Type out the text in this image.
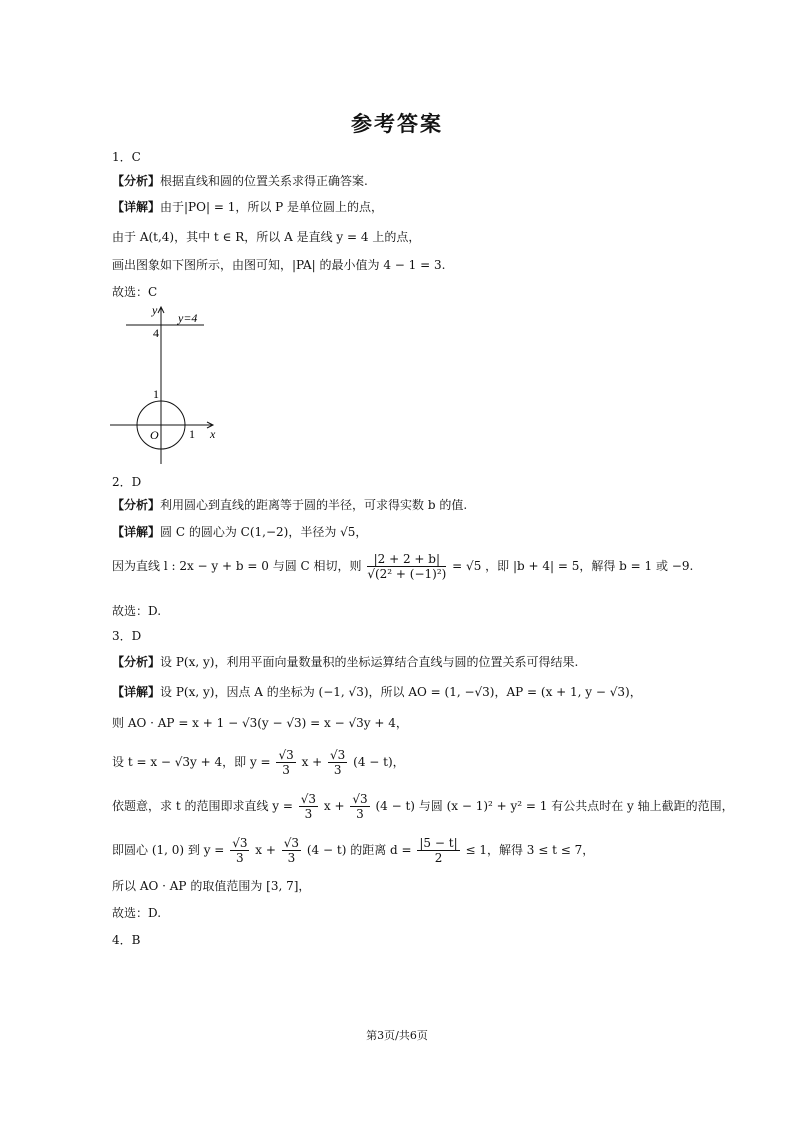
参考答案
1．C
【分析】根据直线和圆的位置关系求得正确答案.
【详解】由于|PO| = 1，所以 P 是单位圆上的点，
由于 A(t,4)，其中 t ∈ R，所以 A 是直线 y = 4 上的点，
画出图象如下图所示，由图可知，|PA| 的最小值为 4 − 1 = 3.
故选：C
y
y=4
4
1
O	1 x
2．D
【分析】利用圆心到直线的距离等于圆的半径，可求得实数 b 的值.
【详解】圆 C 的圆心为 C(1,−2)，半径为 √5，
因为直线 l : 2x − y + b = 0 与圆 C 相切，则 $\frac{|2 + 2 + b|}{\text{√(2² + (−1)²)}} = √5$ ，即 |b + 4| = 5，解得 b = 1 或 −9.
故选：D.
3．D
【分析】设 P(x, y)，利用平面向量数量积的坐标运算结合直线与圆的位置关系可得结果.
【详解】设 P(x, y)，因点 A 的坐标为 (−1, √3)，所以 AO = (1, −√3)，AP = (x + 1, y − √3)，
则 AO · AP = x + 1 − √3(y − √3) = x − √3y + 4，
设 t = x − √3y + 4，即 $y = \frac{√3}{3}$ $x + \frac{√3}{3} (4 - t)$，
依题意，求 t 的范围即求直线 $y = \frac{√3}{3}$ $x + \frac{√3}{3} (4 - t)$ 与圆 (x − 1)² + y² = 1 有公共点时在 y 轴上截距的范围，
即圆心 (1, 0) 到 $y = \frac{√3}{3}$ $x + \frac{√3}{3} (4 - t)$ 的距离 $d = \frac{|5 - t|}{2} \le 1$，解得 3 ≤ t ≤ 7，
所以 AO · AP 的取值范围为 [3, 7]，
故选：D.
4．B
第3页/共6页
